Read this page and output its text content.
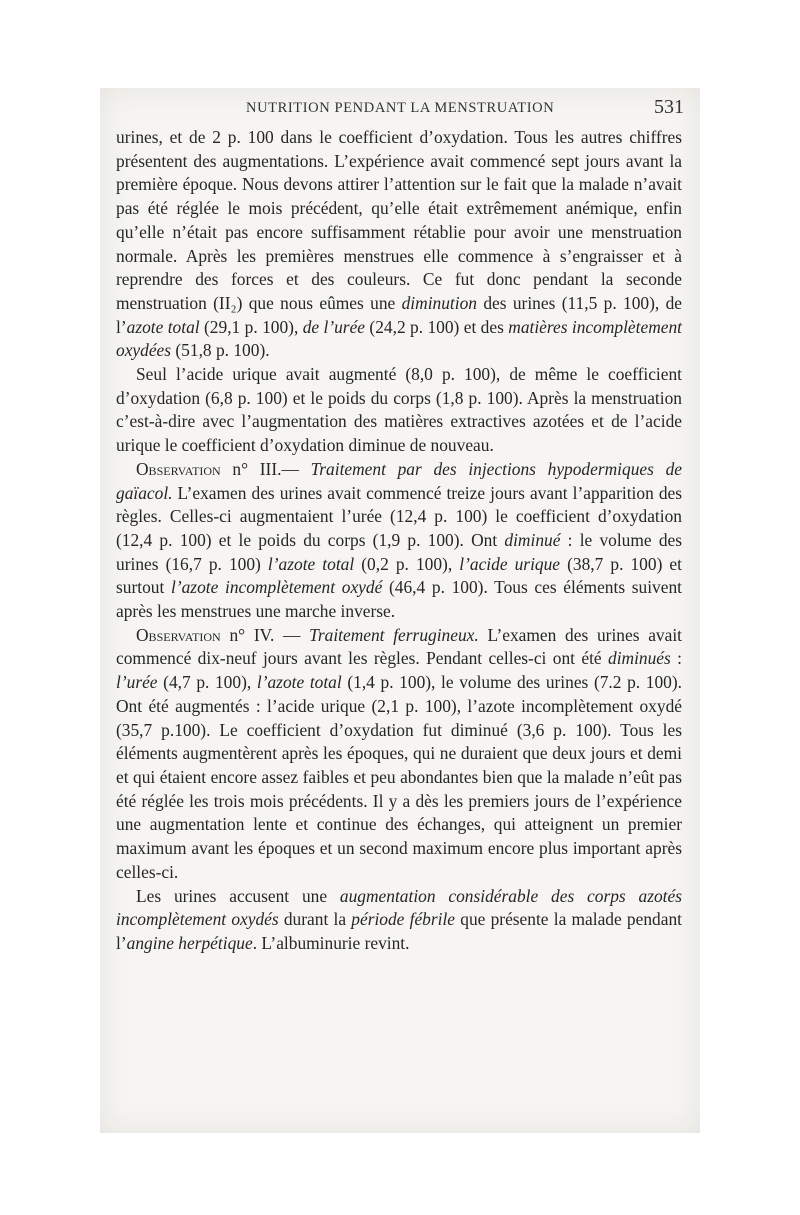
NUTRITION PENDANT LA MENSTRUATION	531

urines, et de 2 p. 100 dans le coefficient d’oxydation. Tous les autres chiffres présentent des augmentations. L’expérience avait commencé sept jours avant la première époque. Nous devons attirer l’attention sur le fait que la malade n’avait pas été réglée le mois précédent, qu’elle était extrêmement anémique, enfin qu’elle n’était pas encore suffisamment rétablie pour avoir une menstruation normale. Après les premières menstrues elle commence à s’engraisser et à reprendre des forces et des couleurs. Ce fut donc pendant la seconde menstruation (II₂) que nous eûmes une diminution des urines (11,5 p. 100), de l’azote total (29,1 p. 100), de l’urée (24,2 p. 100) et des matières incomplètement oxydées (51,8 p. 100).

Seul l’acide urique avait augmenté (8,0 p. 100), de même le coefficient d’oxydation (6,8 p. 100) et le poids du corps (1,8 p. 100). Après la menstruation c’est-à-dire avec l’augmentation des matières extractives azotées et de l’acide urique le coefficient d’oxydation diminue de nouveau.

Observation n° III.— Traitement par des injections hypodermiques de gaïacol. L’examen des urines avait commencé treize jours avant l’apparition des règles. Celles-ci augmentaient l’urée (12,4 p. 100) le coefficient d’oxydation (12,4 p. 100) et le poids du corps (1,9 p. 100). Ont diminué : le volume des urines (16,7 p. 100) l’azote total (0,2 p. 100), l’acide urique (38,7 p. 100) et surtout l’azote incomplètement oxydé (46,4 p. 100). Tous ces éléments suivent après les menstrues une marche inverse.

Observation n° IV. — Traitement ferrugineux. L’examen des urines avait commencé dix-neuf jours avant les règles. Pendant celles-ci ont été diminués : l’urée (4,7 p. 100), l’azote total (1,4 p. 100), le volume des urines (7.2 p. 100). Ont été augmentés : l’acide urique (2,1 p. 100), l’azote incomplètement oxydé (35,7 p.100). Le coefficient d’oxydation fut diminué (3,6 p. 100). Tous les éléments augmentèrent après les époques, qui ne duraient que deux jours et demi et qui étaient encore assez faibles et peu abondantes bien que la malade n’eût pas été réglée les trois mois précédents. Il y a dès les premiers jours de l’expérience une augmentation lente et continue des échanges, qui atteignent un premier maximum avant les époques et un second maximum encore plus important après celles-ci.

Les urines accusent une augmentation considérable des corps azotés incomplètement oxydés durant la période fébrile que présente la malade pendant l’angine herpétique. L’albuminurie revint.
